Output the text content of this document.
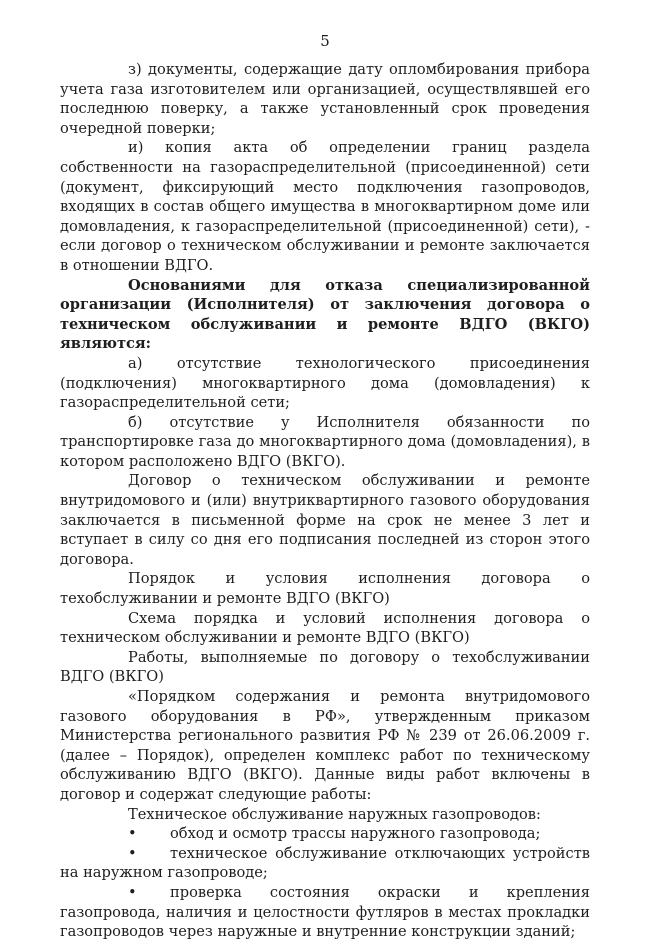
5

з) документы, содержащие дату опломбирования прибора учета газа изготовителем или организацией, осуществлявшей его последнюю поверку, а также установленный срок проведения очередной поверки;

и) копия акта об определении границ раздела собственности на газораспределительной (присоединенной) сети (документ, фиксирующий место подключения газопроводов, входящих в состав общего имущества в многоквартирном доме или домовладения, к газораспределительной (присоединенной) сети), - если договор о техническом обслуживании и ремонте заключается в отношении ВДГО.

Основаниями для отказа специализированной организации (Исполнителя) от заключения договора о техническом обслуживании и ремонте ВДГО (ВКГО) являются:

а) отсутствие технологического присоединения (подключения) многоквартирного дома (домовладения) к газораспределительной сети;

б) отсутствие у Исполнителя обязанности по транспортировке газа до многоквартирного дома (домовладения), в котором расположено ВДГО (ВКГО).

Договор о техническом обслуживании и ремонте внутридомового и (или) внутриквартирного газового оборудования заключается в письменной форме на срок не менее 3 лет и вступает в силу со дня его подписания последней из сторон этого договора.

Порядок и условия исполнения договора о техобслуживании и ремонте ВДГО (ВКГО)

Схема порядка и условий исполнения договора о техническом обслуживании и ремонте ВДГО (ВКГО)

Работы, выполняемые по договору о техобслуживании ВДГО (ВКГО)

«Порядком содержания и ремонта внутридомового газового оборудования в РФ», утвержденным приказом Министерства регионального развития РФ № 239 от 26.06.2009 г. (далее – Порядок), определен комплекс работ по техническому обслуживанию ВДГО (ВКГО). Данные виды работ включены в договор и содержат следующие работы:

Техническое обслуживание наружных газопроводов:

• обход и осмотр трассы наружного газопровода;
• техническое обслуживание отключающих устройств на наружном газопроводе;
• проверка состояния окраски и крепления газопровода, наличия и целостности футляров в местах прокладки газопроводов через наружные и внутренние конструкции зданий;
